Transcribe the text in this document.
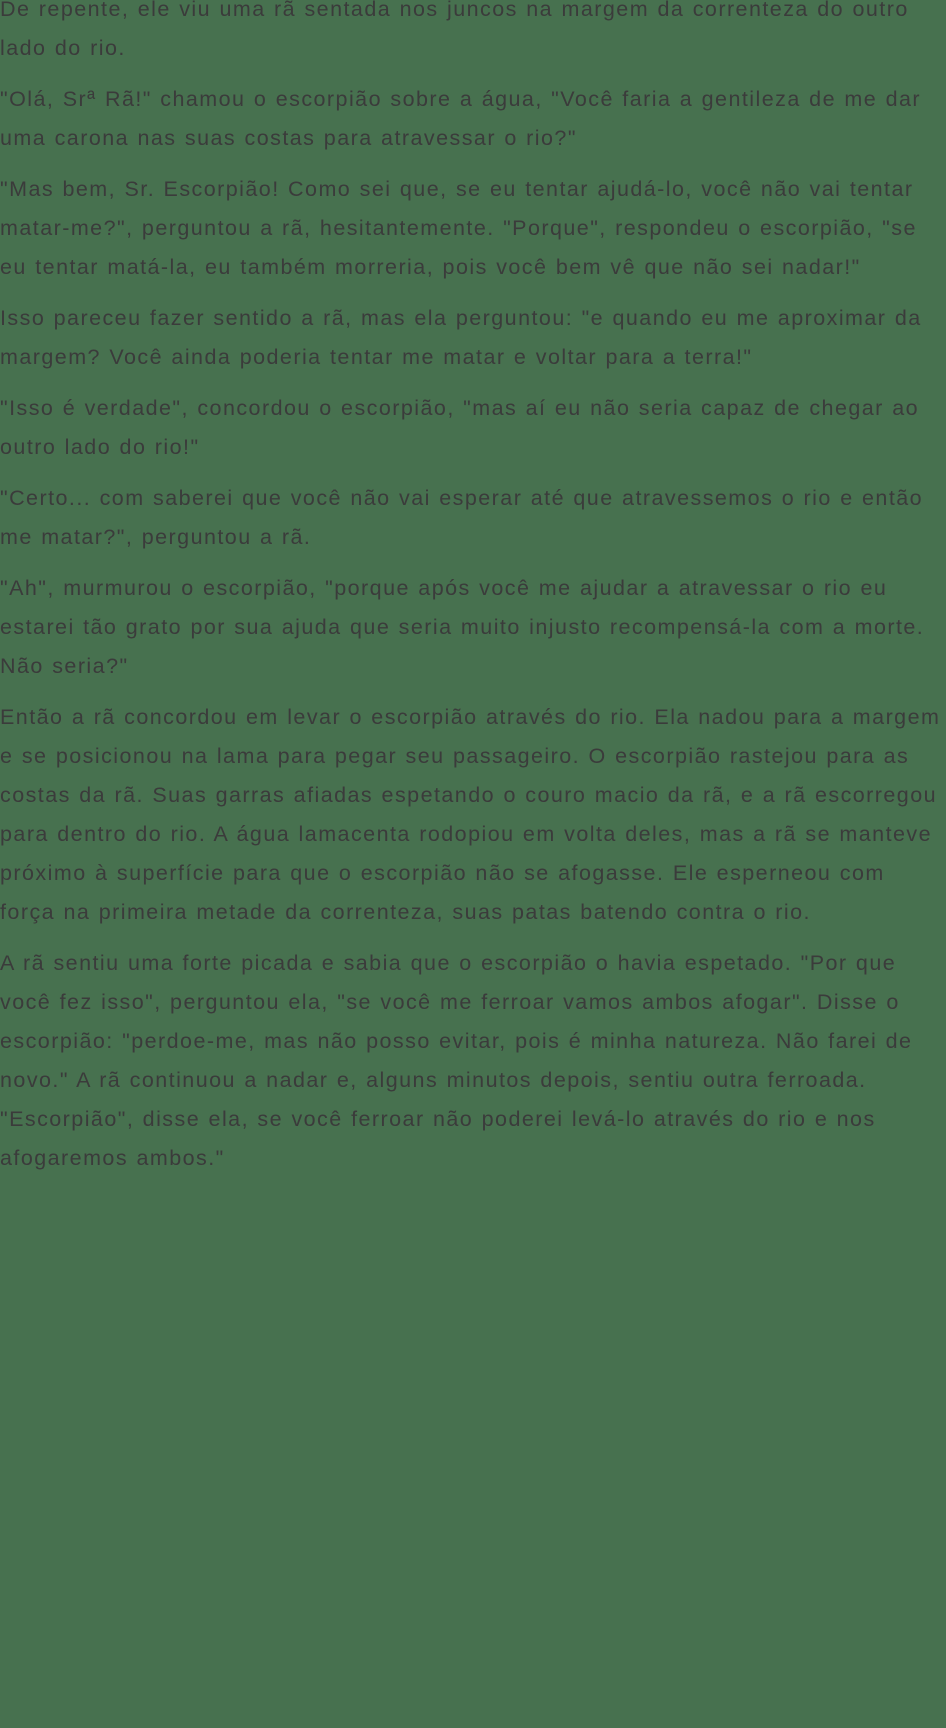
De repente, ele viu uma rã sentada nos juncos na margem da correnteza do outro lado do rio.

"Olá, Srª Rã!" chamou o escorpião sobre a água, "Você faria a gentileza de me dar uma carona nas suas costas para atravessar o rio?"

"Mas bem, Sr. Escorpião! Como sei que, se eu tentar ajudá-lo, você não vai tentar matar-me?", perguntou a rã, hesitantemente. "Porque", respondeu o escorpião, "se eu tentar matá-la, eu também morreria, pois você bem vê que não sei nadar!"

Isso pareceu fazer sentido a rã, mas ela perguntou: "e quando eu me aproximar da margem? Você ainda poderia tentar me matar e voltar para a terra!"

"Isso é verdade", concordou o escorpião, "mas aí eu não seria capaz de chegar ao outro lado do rio!"

"Certo... com saberei que você não vai esperar até que atravessemos o rio e então me matar?", perguntou a rã.

"Ah", murmurou o escorpião, "porque após você me ajudar a atravessar o rio eu estarei tão grato por sua ajuda que seria muito injusto recompensá-la com a morte. Não seria?"

Então a rã concordou em levar o escorpião através do rio. Ela nadou para a margem e se posicionou na lama para pegar seu passageiro. O escorpião rastejou para as costas da rã. Suas garras afiadas espetando o couro macio da rã, e a rã escorregou para dentro do rio. A água lamacenta rodopiou em volta deles, mas a rã se manteve próximo à superfície para que o escorpião não se afogasse. Ele esperneou com força na primeira metade da correnteza, suas patas batendo contra o rio.

A rã sentiu uma forte picada e sabia que o escorpião o havia espetado. "Por que você fez isso", perguntou ela, "se você me ferroar vamos ambos afogar". Disse o escorpião: "perdoe-me, mas não posso evitar, pois é minha natureza. Não farei de novo." A rã continuou a nadar e, alguns minutos depois, sentiu outra ferroada. "Escorpião", disse ela, se você ferroar não poderei levá-lo através do rio e nos afogaremos ambos."
